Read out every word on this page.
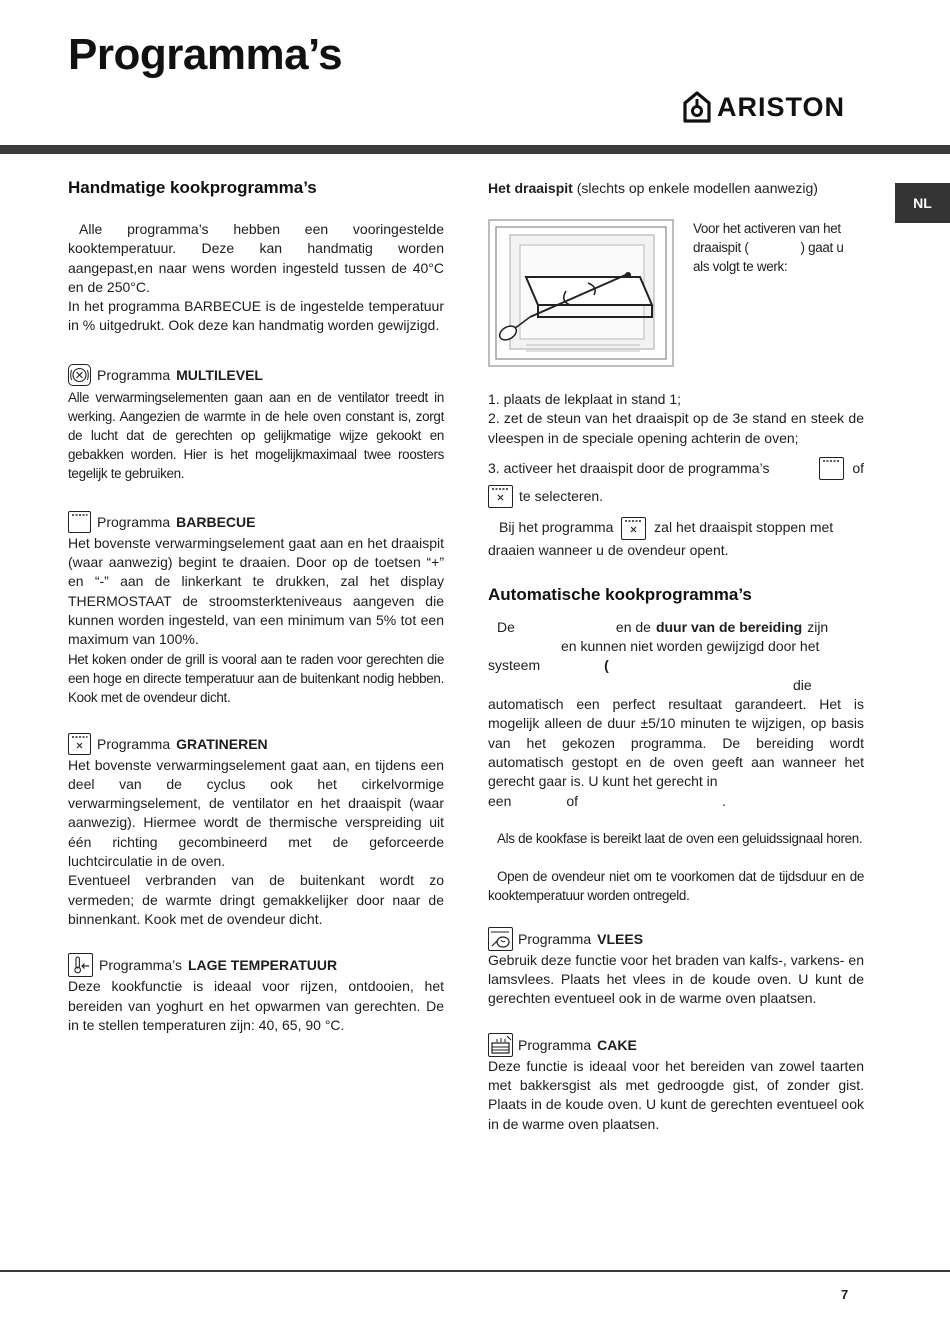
Programma’s
ARISTON
NL
Handmatige kookprogramma’s

Alle programma’s hebben een vooringestelde kooktemperatuur. Deze kan handmatig worden aangepast,en naar wens worden ingesteld tussen de 40°C en de 250°C.

In het programma BARBECUE is de ingestelde temperatuur in % uitgedrukt. Ook deze kan handmatig worden gewijzigd.

Programma MULTILEVEL

Alle verwarmingselementen gaan aan en de ventilator treedt in werking. Aangezien de warmte in de hele oven constant is, zorgt de lucht dat de gerechten op gelijkmatige wijze gekookt en gebakken worden. Hier is het mogelijkmaximaal twee roosters tegelijk te gebruiken.

Programma BARBECUE

Het bovenste verwarmingselement gaat aan en het draaispit (waar aanwezig) begint te draaien. Door op de toetsen “+” en “-” aan de linkerkant te drukken, zal het display THERMOSTAAT de stroomsterkteniveaus aangeven die kunnen worden ingesteld, van een minimum van 5% tot een maximum van 100%.

Het koken onder de grill is vooral aan te raden voor gerechten die een hoge en directe temperatuur aan de buitenkant nodig hebben. Kook met de ovendeur dicht.

Programma GRATINEREN

Het bovenste verwarmingselement gaat aan, en tijdens een deel van de cyclus ook het cirkelvormige verwarmingselement, de ventilator en het draaispit (waar aanwezig). Hiermee wordt de thermische verspreiding uit één richting gecombineerd met de geforceerde luchtcirculatie in de oven.

Eventueel verbranden van de buitenkant wordt zo vermeden; de warmte dringt gemakkelijker door naar de binnenkant. Kook met de ovendeur dicht.

Programma’s LAGE TEMPERATUUR

Deze kookfunctie is ideaal voor rijzen, ontdooien, het bereiden van yoghurt en het opwarmen van gerechten. De in te stellen temperaturen zijn: 40, 65, 90 °C.

Het draaispit (slechts op enkele modellen aanwezig)
Voor het activeren van het
draaispit (	) gaat u
als volgt te werk:

1. plaats de lekplaat in stand 1;

2. zet de steun van het draaispit op de 3e stand en steek de vleespen in de speciale opening achterin de oven;

3. activeer het draaispit door de programma’s	of
te selecteren.
Bij het programma	zal het draaispit stoppen met draaien wanneer u de ovendeur opent.
Automatische kookprogramma’s
De	en de duur van de bereiding zijn
en kunnen niet worden gewijzigd door het
systeem	(
die

automatisch een perfect resultaat garandeert. Het is mogelijk alleen de duur ±5/10 minuten te wijzigen, op basis van het gekozen programma. De bereiding wordt automatisch gestopt en de oven geeft aan wanneer het gerecht gaar is. U kunt het gerecht in

een	of	.

Als de kookfase is bereikt laat de oven een geluidssignaal horen.

Open de ovendeur niet om te voorkomen dat de tijdsduur en de kooktemperatuur worden ontregeld.

Programma VLEES

Gebruik deze functie voor het braden van kalfs-, varkens- en lamsvlees. Plaats het vlees in de koude oven. U kunt de gerechten eventueel ook in de warme oven plaatsen.

Programma CAKE

Deze functie is ideaal voor het bereiden van zowel taarten met bakkersgist als met gedroogde gist, of zonder gist. Plaats in de koude oven. U kunt de gerechten eventueel ook in de warme oven plaatsen.

7
